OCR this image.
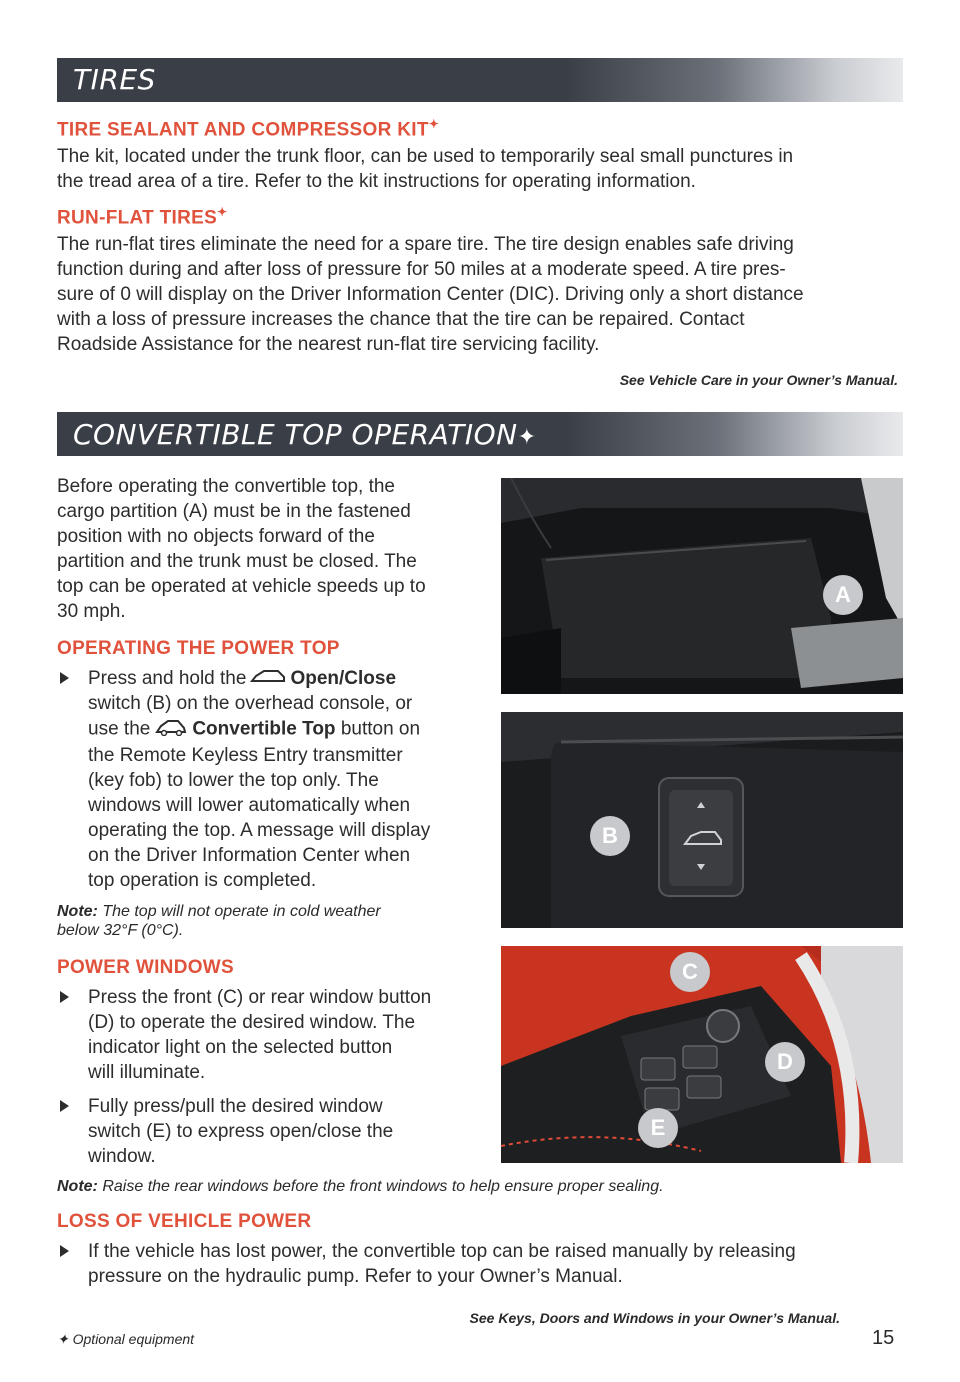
TIRES
TIRE SEALANT AND COMPRESSOR KIT✦
The kit, located under the trunk floor, can be used to temporarily seal small punctures in
the tread area of a tire. Refer to the kit instructions for operating information.
RUN-FLAT TIRES✦
The run-flat tires eliminate the need for a spare tire. The tire design enables safe driving
function during and after loss of pressure for 50 miles at a moderate speed. A tire pres-
sure of 0 will display on the Driver Information Center (DIC). Driving only a short distance
with a loss of pressure increases the chance that the tire can be repaired. Contact
Roadside Assistance for the nearest run-flat tire servicing facility.
See Vehicle Care in your Owner’s Manual.
CONVERTIBLE TOP OPERATION✦
Before operating the convertible top, the
cargo partition (A) must be in the fastened
position with no objects forward of the
partition and the trunk must be closed. The
top can be operated at vehicle speeds up to
30 mph.
OPERATING THE POWER TOP
Press and hold the Open/Close
switch (B) on the overhead console, or
use the Convertible Top button on
the Remote Keyless Entry transmitter
(key fob) to lower the top only. The
windows will lower automatically when
operating the top. A message will display
on the Driver Information Center when
top operation is completed.
Note: The top will not operate in cold weather
below 32°F (0°C).
POWER WINDOWS
Press the front (C) or rear window button
(D) to operate the desired window. The
indicator light on the selected button
will illuminate.
Fully press/pull the desired window
switch (E) to express open/close the
window.
Note: Raise the rear windows before the front windows to help ensure proper sealing.
LOSS OF VEHICLE POWER
If the vehicle has lost power, the convertible top can be raised manually by releasing
pressure on the hydraulic pump. Refer to your Owner’s Manual.
See Keys, Doors and Windows in your Owner’s Manual.
A
B
C
D
E
✦ Optional equipment	15
